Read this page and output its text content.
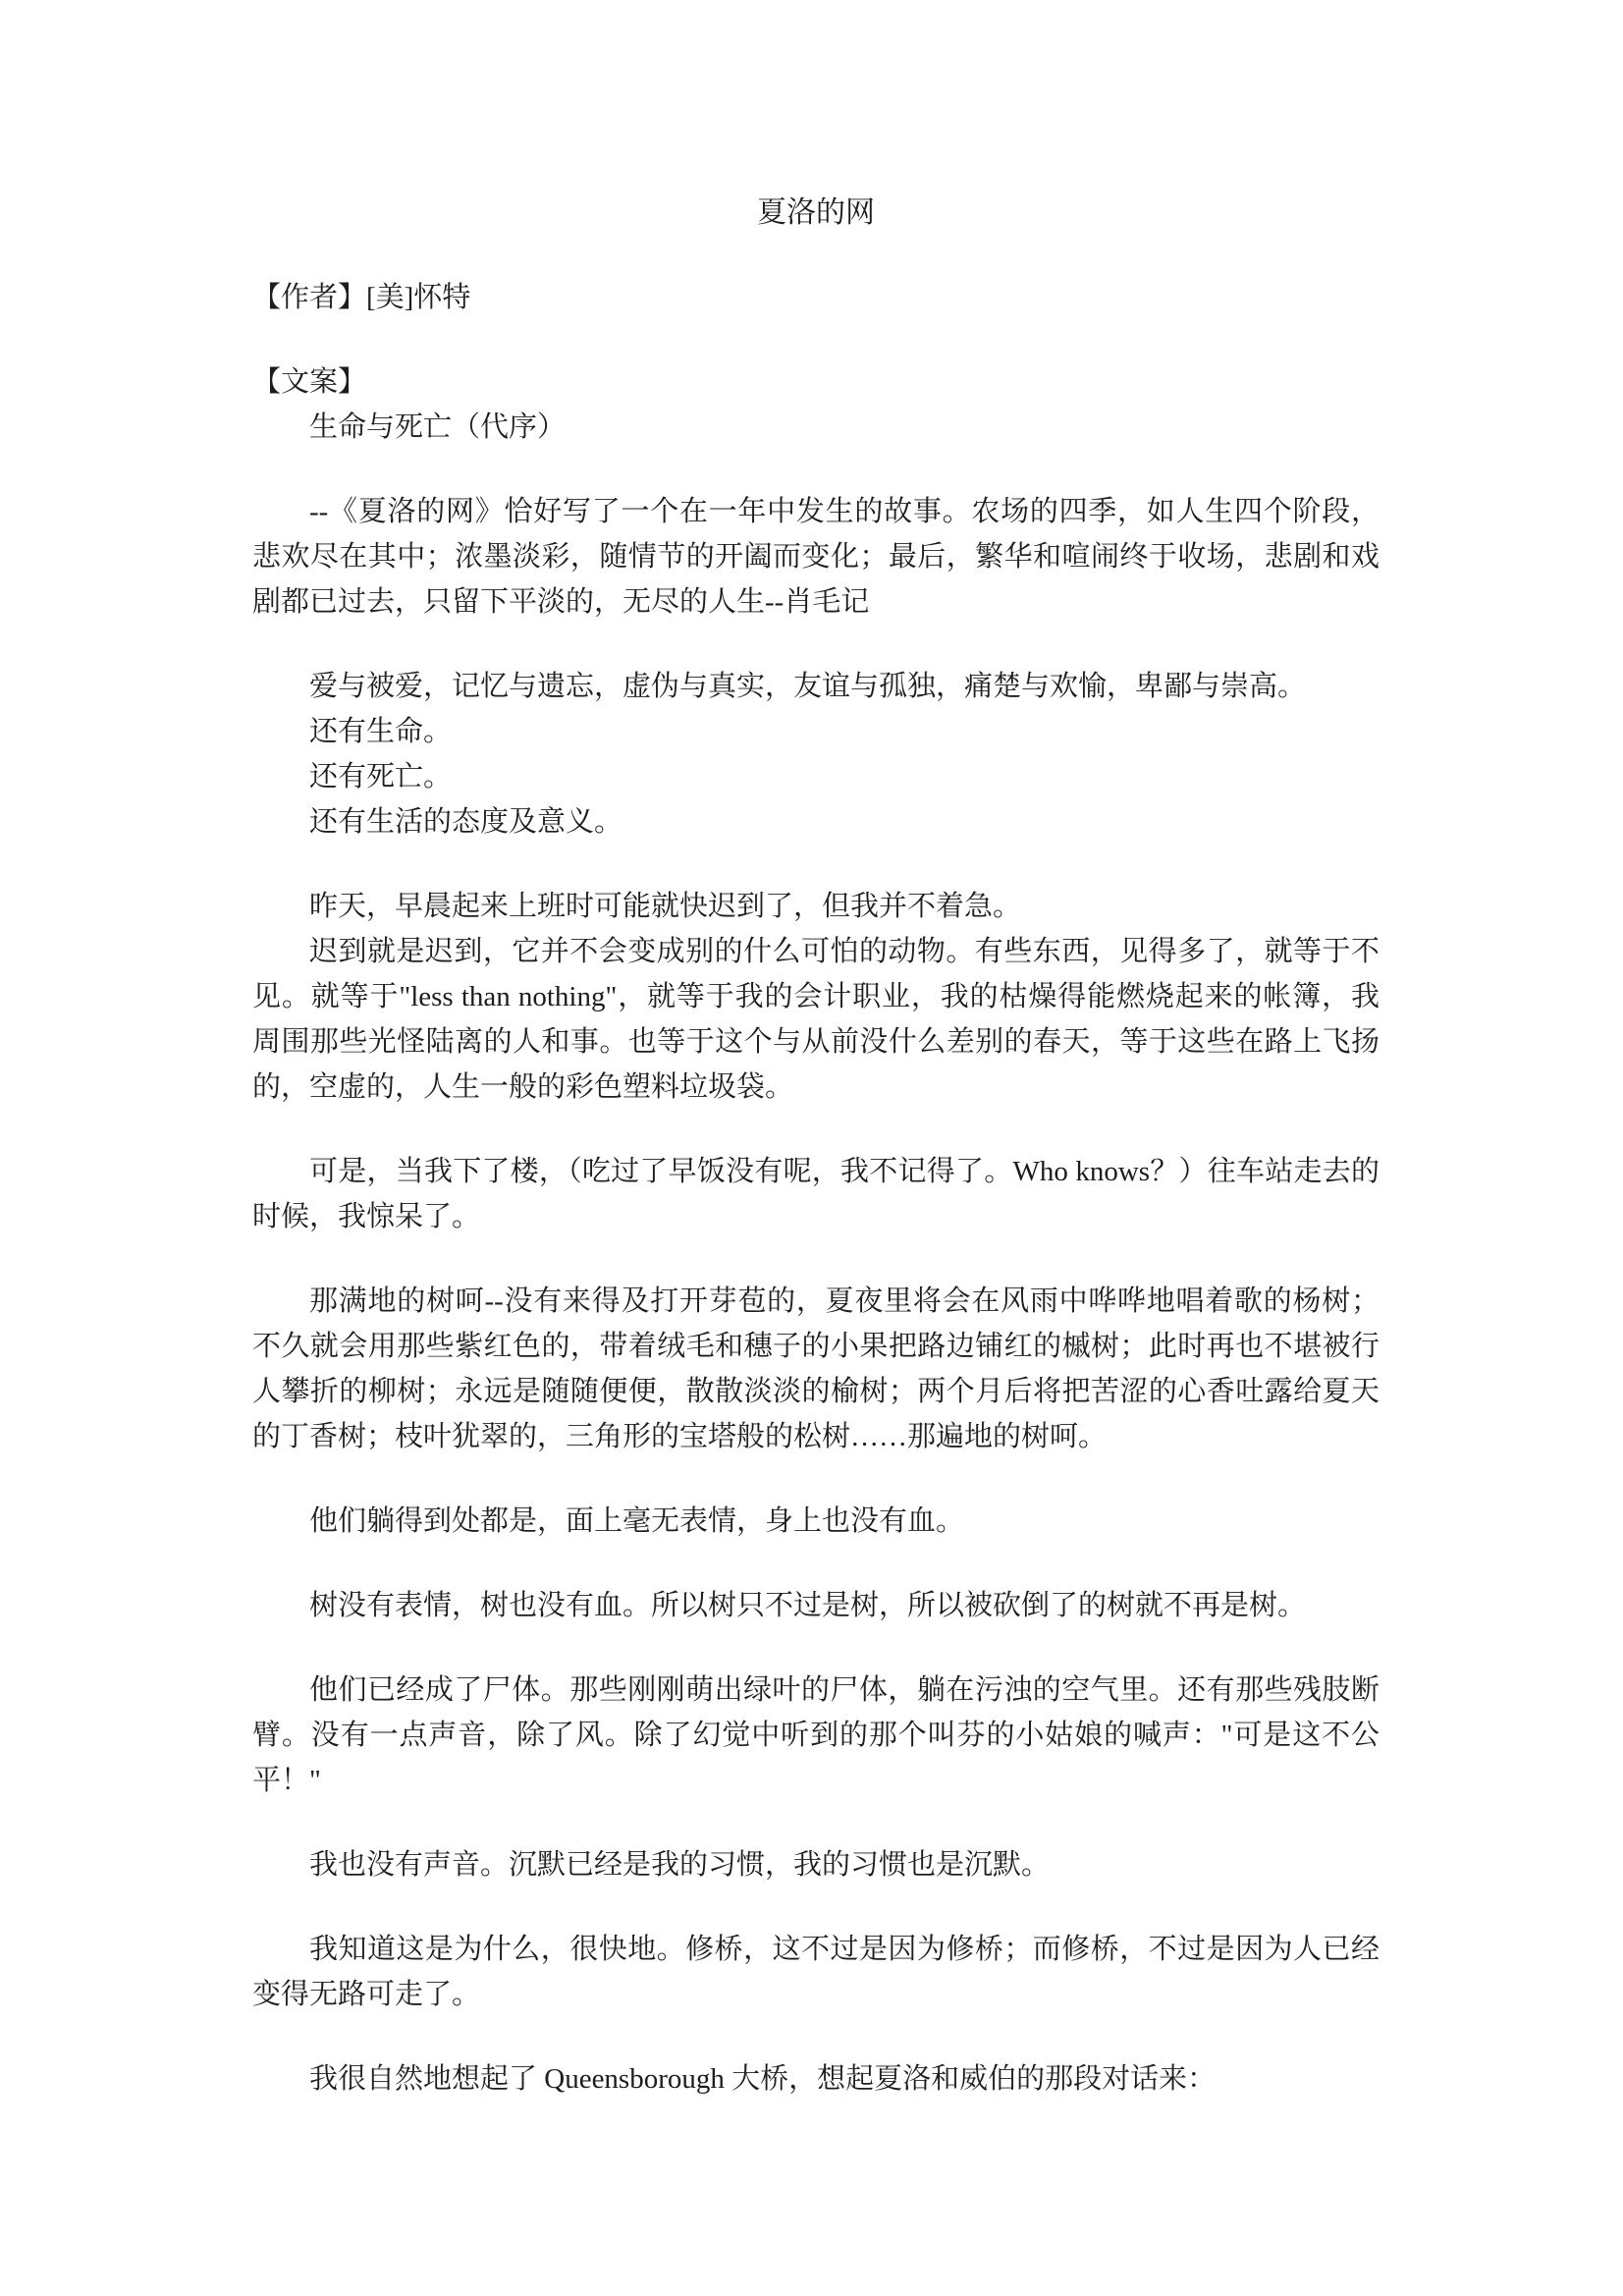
夏洛的网

【作者】[美]怀特

【文案】

生命与死亡（代序）

--《夏洛的网》恰好写了一个在一年中发生的故事。农场的四季，如人生四个阶段，悲欢尽在其中；浓墨淡彩，随情节的开阖而变化；最后，繁华和喧闹终于收场，悲剧和戏剧都已过去，只留下平淡的，无尽的人生--肖毛记

爱与被爱，记忆与遗忘，虚伪与真实，友谊与孤独，痛楚与欢愉，卑鄙与崇高。

还有生命。

还有死亡。

还有生活的态度及意义。

昨天，早晨起来上班时可能就快迟到了，但我并不着急。

迟到就是迟到，它并不会变成别的什么可怕的动物。有些东西，见得多了，就等于不见。就等于"less than nothing"，就等于我的会计职业，我的枯燥得能燃烧起来的帐簿，我周围那些光怪陆离的人和事。也等于这个与从前没什么差别的春天，等于这些在路上飞扬的，空虚的，人生一般的彩色塑料垃圾袋。

可是，当我下了楼，（吃过了早饭没有呢，我不记得了。Who knows？）往车站走去的时候，我惊呆了。

那满地的树呵--没有来得及打开芽苞的，夏夜里将会在风雨中哗哗地唱着歌的杨树；不久就会用那些紫红色的，带着绒毛和穗子的小果把路边铺红的槭树；此时再也不堪被行人攀折的柳树；永远是随随便便，散散淡淡的榆树；两个月后将把苦涩的心香吐露给夏天的丁香树；枝叶犹翠的，三角形的宝塔般的松树……那遍地的树呵。

他们躺得到处都是，面上毫无表情，身上也没有血。

树没有表情，树也没有血。所以树只不过是树，所以被砍倒了的树就不再是树。

他们已经成了尸体。那些刚刚萌出绿叶的尸体，躺在污浊的空气里。还有那些残肢断臂。没有一点声音，除了风。除了幻觉中听到的那个叫芬的小姑娘的喊声："可是这不公平！"

我也没有声音。沉默已经是我的习惯，我的习惯也是沉默。

我知道这是为什么，很快地。修桥，这不过是因为修桥；而修桥，不过是因为人已经变得无路可走了。

我很自然地想起了 Queensborough 大桥，想起夏洛和威伯的那段对话来：
